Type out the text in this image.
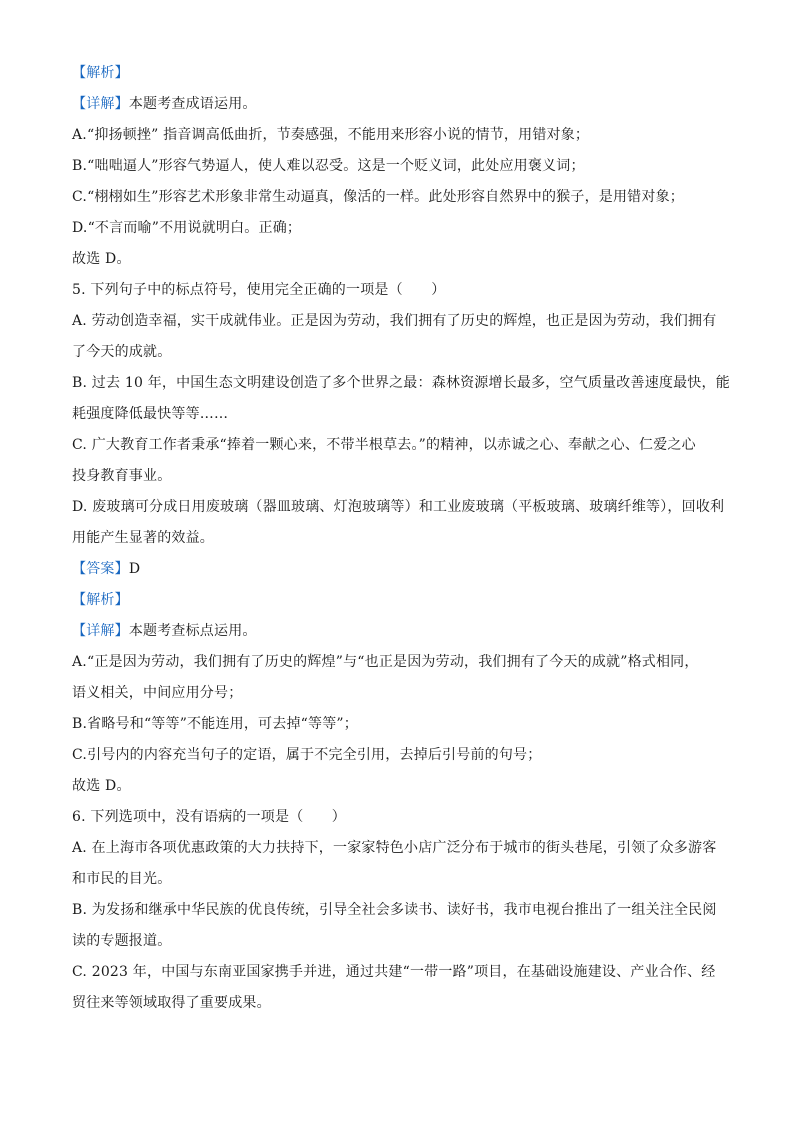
【解析】
【详解】本题考查成语运用。
A.“抑扬顿挫” 指音调高低曲折，节奏感强，不能用来形容小说的情节，用错对象；
B.“咄咄逼人”形容气势逼人，使人难以忍受。这是一个贬义词，此处应用褒义词；
C.“栩栩如生”形容艺术形象非常生动逼真，像活的一样。此处形容自然界中的猴子，是用错对象；
D.“不言而喻”不用说就明白。正确；
故选 D。
5. 下列句子中的标点符号，使用完全正确的一项是（　　）
A. 劳动创造幸福，实干成就伟业。正是因为劳动，我们拥有了历史的辉煌，也正是因为劳动，我们拥有
了今天的成就。
B. 过去 10 年，中国生态文明建设创造了多个世界之最：森林资源增长最多，空气质量改善速度最快，能
耗强度降低最快等等……
C. 广大教育工作者秉承“捧着一颗心来，不带半根草去。”的精神，以赤诚之心、奉献之心、仁爱之心
投身教育事业。
D. 废玻璃可分成日用废玻璃（器皿玻璃、灯泡玻璃等）和工业废玻璃（平板玻璃、玻璃纤维等），回收利
用能产生显著的效益。
【答案】D
【解析】
【详解】本题考查标点运用。
A.“正是因为劳动，我们拥有了历史的辉煌”与“也正是因为劳动，我们拥有了今天的成就”格式相同，
语义相关，中间应用分号；
B.省略号和“等等”不能连用，可去掉“等等”；
C.引号内的内容充当句子的定语，属于不完全引用，去掉后引号前的句号；
故选 D。
6. 下列选项中，没有语病的一项是（　　）
A. 在上海市各项优惠政策的大力扶持下，一家家特色小店广泛分布于城市的街头巷尾，引领了众多游客
和市民的目光。
B. 为发扬和继承中华民族的优良传统，引导全社会多读书、读好书，我市电视台推出了一组关注全民阅
读的专题报道。
C. 2023 年，中国与东南亚国家携手并进，通过共建“一带一路”项目，在基础设施建设、产业合作、经
贸往来等领域取得了重要成果。
